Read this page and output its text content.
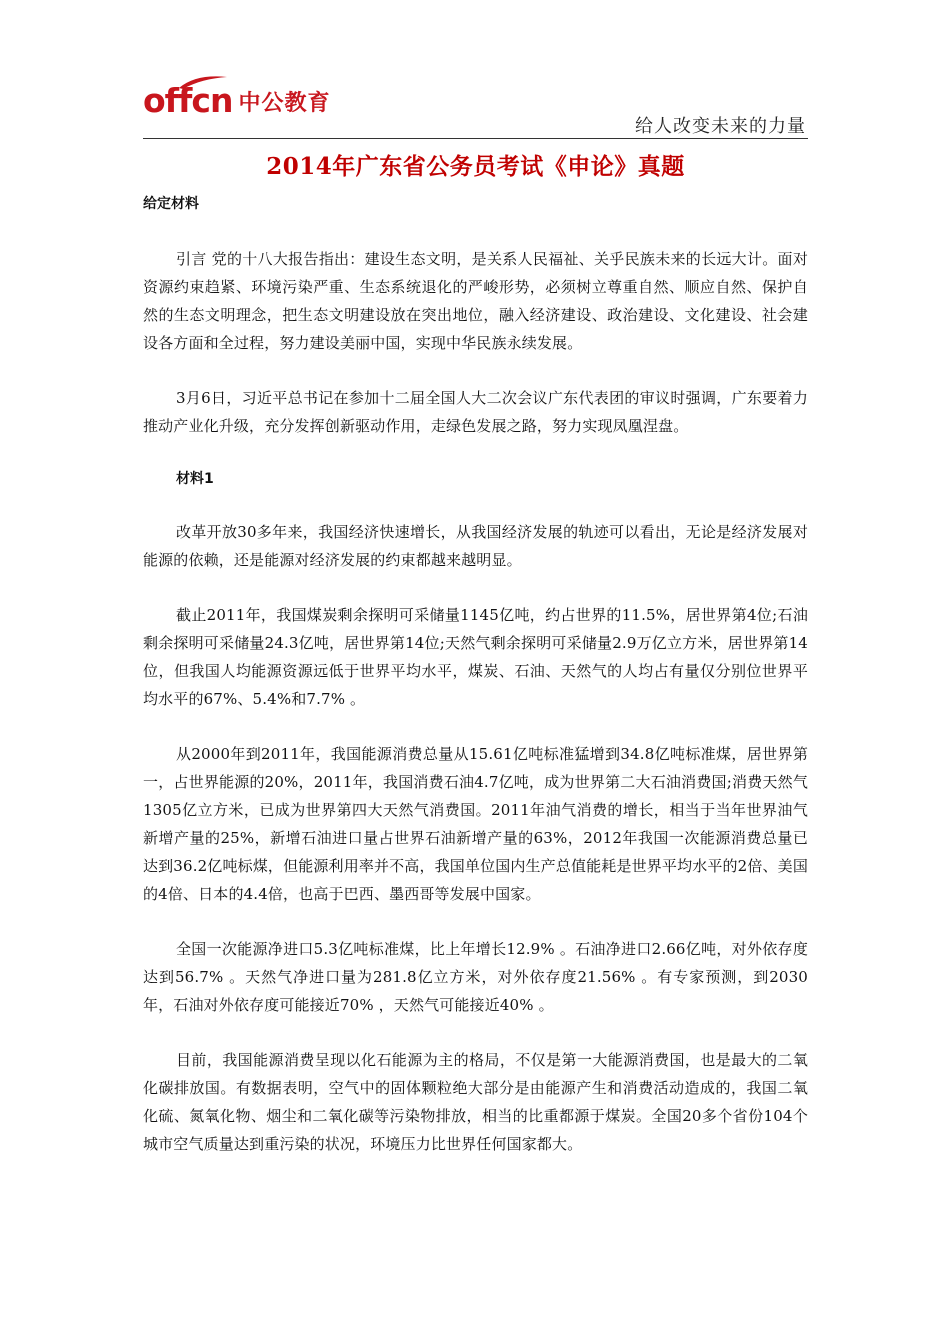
offcn 中公教育
给人改变未来的力量
2014年广东省公务员考试《申论》真题

给定材料

引言 党的十八大报告指出：建设生态文明，是关系人民福祉、关乎民族未来的长远大计。面对资源约束趋紧、环境污染严重、生态系统退化的严峻形势，必须树立尊重自然、顺应自然、保护自然的生态文明理念，把生态文明建设放在突出地位，融入经济建设、政治建设、文化建设、社会建设各方面和全过程，努力建设美丽中国，实现中华民族永续发展。

3月6日，习近平总书记在参加十二届全国人大二次会议广东代表团的审议时强调，广东要着力推动产业化升级，充分发挥创新驱动作用，走绿色发展之路，努力实现凤凰涅盘。

材料1

改革开放30多年来，我国经济快速增长，从我国经济发展的轨迹可以看出，无论是经济发展对能源的依赖，还是能源对经济发展的约束都越来越明显。

截止2011年，我国煤炭剩余探明可采储量1145亿吨，约占世界的11.5%，居世界第4位;石油剩余探明可采储量24.3亿吨，居世界第14位;天然气剩余探明可采储量2.9万亿立方米，居世界第14位，但我国人均能源资源远低于世界平均水平，煤炭、石油、天然气的人均占有量仅分别位世界平均水平的67%、5.4%和7.7% 。

从2000年到2011年，我国能源消费总量从15.61亿吨标准猛增到34.8亿吨标准煤，居世界第一，占世界能源的20%，2011年，我国消费石油4.7亿吨，成为世界第二大石油消费国;消费天然气1305亿立方米，已成为世界第四大天然气消费国。2011年油气消费的增长，相当于当年世界油气新增产量的25%，新增石油进口量占世界石油新增产量的63%，2012年我国一次能源消费总量已达到36.2亿吨标煤，但能源利用率并不高，我国单位国内生产总值能耗是世界平均水平的2倍、美国的4倍、日本的4.4倍，也高于巴西、墨西哥等发展中国家。

全国一次能源净进口5.3亿吨标准煤，比上年增长12.9% 。石油净进口2.66亿吨，对外依存度达到56.7% 。天然气净进口量为281.8亿立方米，对外依存度21.56% 。有专家预测，到2030年，石油对外依存度可能接近70% ，天然气可能接近40% 。

目前，我国能源消费呈现以化石能源为主的格局，不仅是第一大能源消费国，也是最大的二氧化碳排放国。有数据表明，空气中的固体颗粒绝大部分是由能源产生和消费活动造成的，我国二氧化硫、氮氧化物、烟尘和二氧化碳等污染物排放，相当的比重都源于煤炭。全国20多个省份104个城市空气质量达到重污染的状况，环境压力比世界任何国家都大。
